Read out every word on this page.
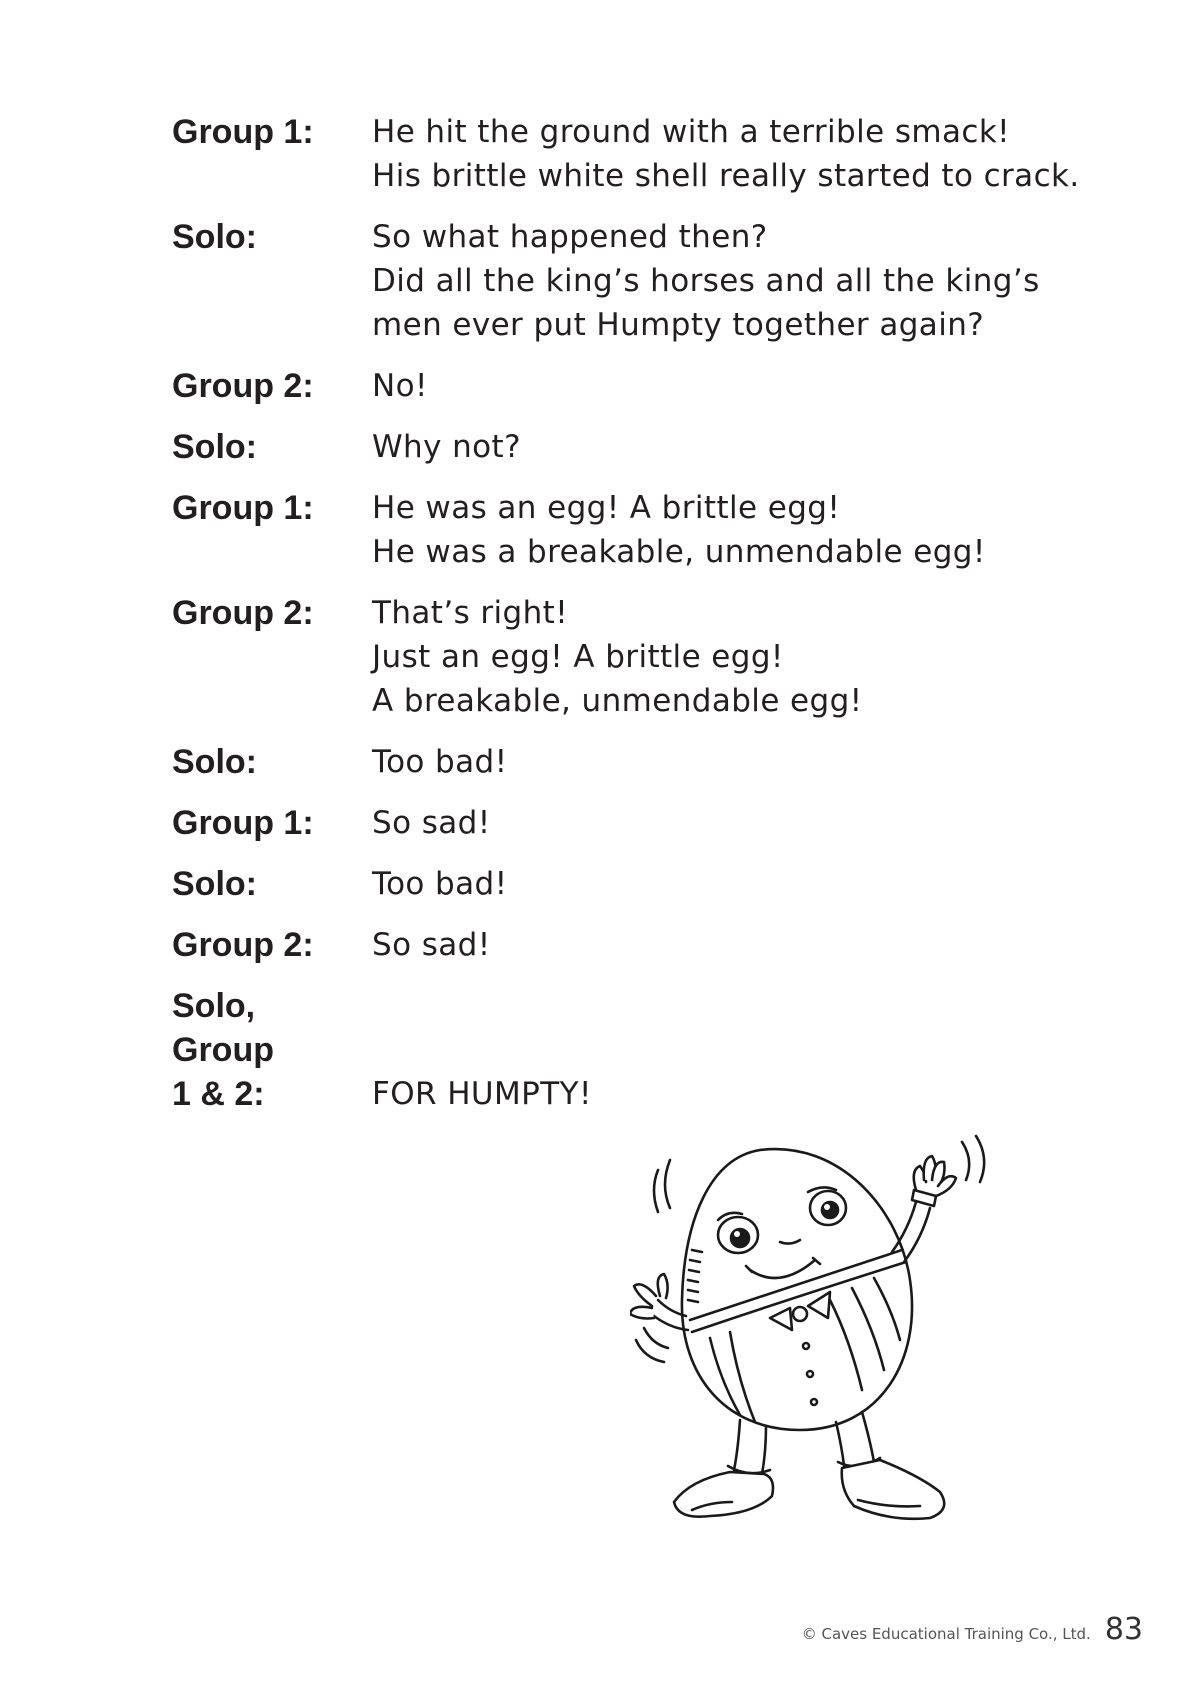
Group 1:	He hit the ground with a terrible smack!
His brittle white shell really started to crack.
Solo:	So what happened then?
Did all the king’s horses and all the king’s
men ever put Humpty together again?
Group 2:	No!
Solo:	Why not?
Group 1:	He was an egg! A brittle egg!
He was a breakable, unmendable egg!
Group 2:	That’s right!
Just an egg! A brittle egg!
A breakable, unmendable egg!
Solo:	Too bad!
Group 1:	So sad!
Solo:	Too bad!
Group 2:	So sad!
Solo,
Group
1 & 2:	FOR HUMPTY!
© Caves Educational Training Co., Ltd. 83
